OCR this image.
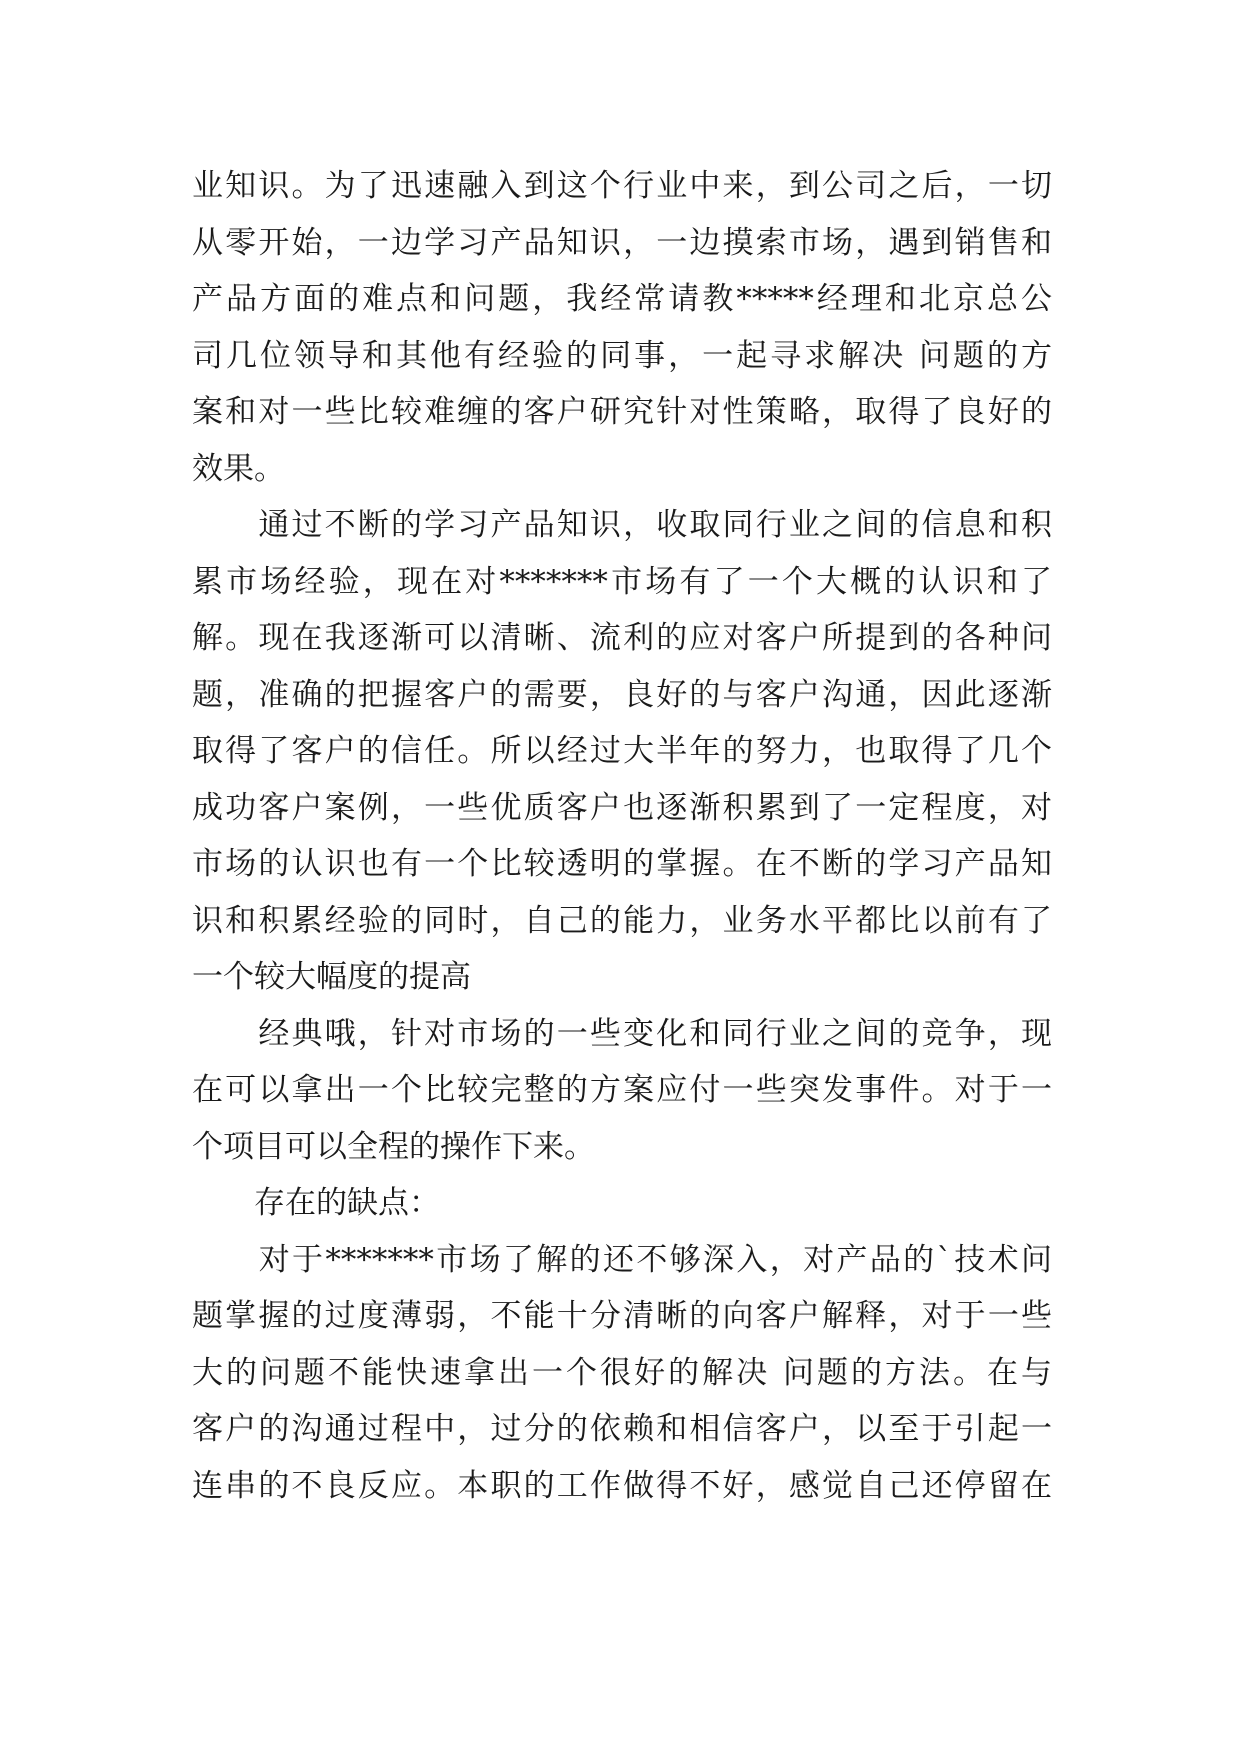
业知识。为了迅速融入到这个行业中来，到公司之后，一切
从零开始，一边学习产品知识，一边摸索市场，遇到销售和
产品方面的难点和问题，我经常请教*****经理和北京总公
司几位领导和其他有经验的同事，一起寻求解决 问题的方
案和对一些比较难缠的客户研究针对性策略，取得了良好的
效果。
　　通过不断的学习产品知识，收取同行业之间的信息和积
累市场经验，现在对*******市场有了一个大概的认识和了
解。现在我逐渐可以清晰、流利的应对客户所提到的各种问
题，准确的把握客户的需要，良好的与客户沟通，因此逐渐
取得了客户的信任。所以经过大半年的努力，也取得了几个
成功客户案例，一些优质客户也逐渐积累到了一定程度，对
市场的认识也有一个比较透明的掌握。在不断的学习产品知
识和积累经验的同时，自己的能力，业务水平都比以前有了
一个较大幅度的提高
　　经典哦，针对市场的一些变化和同行业之间的竞争，现
在可以拿出一个比较完整的方案应付一些突发事件。对于一
个项目可以全程的操作下来。
　　存在的缺点：
　　对于*******市场了解的还不够深入，对产品的`技术问
题掌握的过度薄弱，不能十分清晰的向客户解释，对于一些
大的问题不能快速拿出一个很好的解决 问题的方法。在与
客户的沟通过程中，过分的依赖和相信客户，以至于引起一
连串的不良反应。本职的工作做得不好，感觉自己还停留在
